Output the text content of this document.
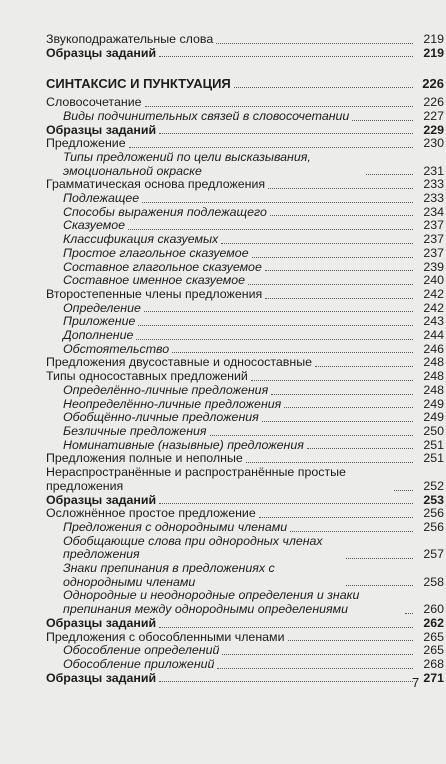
Звукоподражательные слова	219
Образцы заданий	219
СИНТАКСИС И ПУНКТУАЦИЯ	226
Словосочетание	226
Виды подчинительных связей в словосочетании	227
Образцы заданий	229
Предложение	230
Типы предложений по цели высказывания, эмоциональной окраске	231
Грамматическая основа предложения	233
Подлежащее	233
Способы выражения подлежащего	234
Сказуемое	237
Классификация сказуемых	237
Простое глагольное сказуемое	237
Составное глагольное сказуемое	239
Составное именное сказуемое	240
Второстепенные члены предложения	242
Определение	242
Приложение	243
Дополнение	244
Обстоятельство	246
Предложения двусоставные и односоставные	248
Типы односоставных предложений	248
Определённо-личные предложения	248
Неопределённо-личные предложения	249
Обобщённо-личные предложения	249
Безличные предложения	250
Номинативные (назывные) предложения	251
Предложения полные и неполные	251
Нераспространённые и распространённые простые предложения	252
Образцы заданий	253
Осложнённое простое предложение	256
Предложения с однородными членами	256
Обобщающие слова при однородных членах предложения	257
Знаки препинания в предложениях с однородными членами	258
Однородные и неоднородные определения и знаки препинания между однородными определениями	260
Образцы заданий	262
Предложения с обособленными членами	265
Обособление определений	265
Обособление приложений	268
Образцы заданий	271
7
